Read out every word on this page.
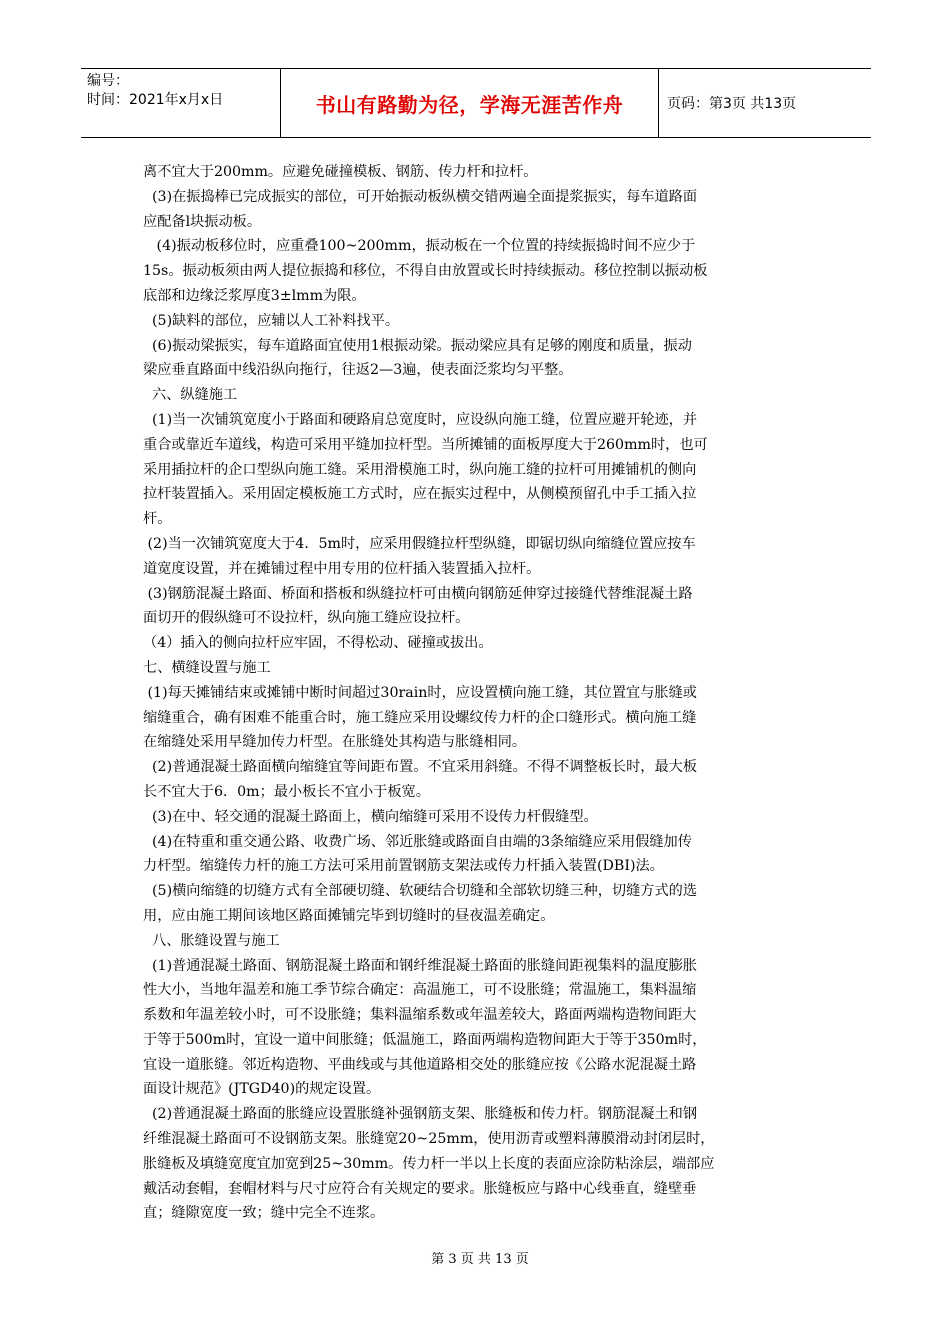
编号：
时间：2021年x月x日	书山有路勤为径，学海无涯苦作舟	页码：第3页 共13页

离不宜大于200mm。应避免碰撞模板、钢筋、传力杆和拉杆。

(3)在振捣棒已完成振实的部位，可开始振动板纵横交错两遍全面提浆振实，每车道路面

应配备l块振动板。

(4)振动板移位时，应重叠100~200mm，振动板在一个位置的持续振捣时间不应少于

15s。振动板须由两人提位振捣和移位，不得自由放置或长时持续振动。移位控制以振动板

底部和边缘泛浆厚度3±lmm为限。

(5)缺料的部位，应辅以人工补料找平。

(6)振动梁振实，每车道路面宜使用1根振动梁。振动梁应具有足够的刚度和质量，振动

梁应垂直路面中线沿纵向拖行，往返2—3遍，使表面泛浆均匀平整。

六、纵缝施工

(1)当一次铺筑宽度小于路面和硬路肩总宽度时，应设纵向施工缝，位置应避开轮迹，并

重合或靠近车道线，构造可采用平缝加拉杆型。当所摊铺的面板厚度大于260mm时，也可

采用插拉杆的企口型纵向施工缝。采用滑模施工时，纵向施工缝的拉杆可用摊铺机的侧向

拉杆装置插入。采用固定模板施工方式时，应在振实过程中，从侧模预留孔中手工插入拉

杆。

(2)当一次铺筑宽度大于4．5m时，应采用假缝拉杆型纵缝，即锯切纵向缩缝位置应按车

道宽度设置，并在摊铺过程中用专用的位杆插入装置插入拉杆。

(3)钢筋混凝土路面、桥面和搭板和纵缝拉杆可由横向钢筋延伸穿过接缝代替维混凝土路

面切开的假纵缝可不设拉杆，纵向施工缝应设拉杆。

（4）插入的侧向拉杆应牢固，不得松动、碰撞或拔出。

七、横缝设置与施工

(1)每天摊铺结束或摊铺中断时间超过30rain时，应设置横向施工缝，其位置宜与胀缝或

缩缝重合，确有困难不能重合时，施工缝应采用设螺纹传力杆的企口缝形式。横向施工缝

在缩缝处采用早缝加传力杆型。在胀缝处其构造与胀缝相同。

(2)普通混凝土路面横向缩缝宜等间距布置。不宜采用斜缝。不得不调整板长时，最大板

长不宜大于6．0m；最小板长不宜小于板宽。

(3)在中、轻交通的混凝土路面上，横向缩缝可采用不设传力杆假缝型。

(4)在特重和重交通公路、收费广场、邻近胀缝或路面自由端的3条缩缝应采用假缝加传

力杆型。缩缝传力杆的施工方法可采用前置钢筋支架法或传力杆插入装置(DBI)法。

(5)横向缩缝的切缝方式有全部硬切缝、软硬结合切缝和全部软切缝三种，切缝方式的选

用，应由施工期间该地区路面摊铺完毕到切缝时的昼夜温差确定。

八、胀缝设置与施工

(1)普通混凝土路面、钢筋混凝土路面和钢纤维混凝土路面的胀缝间距视集料的温度膨胀

性大小，当地年温差和施工季节综合确定：高温施工，可不设胀缝；常温施工，集料温缩

系数和年温差较小时，可不设胀缝；集料温缩系数或年温差较大，路面两端构造物间距大

于等于500m时，宜设一道中间胀缝；低温施工，路面两端构造物间距大于等于350m时，

宜设一道胀缝。邻近构造物、平曲线或与其他道路相交处的胀缝应按《公路水泥混凝土路

面设计规范》(JTGD40)的规定设置。

(2)普通混凝土路面的胀缝应设置胀缝补强钢筋支架、胀缝板和传力杆。钢筋混凝土和钢

纤维混凝土路面可不设钢筋支架。胀缝宽20~25mm，使用沥青或塑料薄膜滑动封闭层时，

胀缝板及填缝宽度宜加宽到25~30mm。传力杆一半以上长度的表面应涂防粘涂层，端部应

戴活动套帽，套帽材料与尺寸应符合有关规定的要求。胀缝板应与路中心线垂直，缝壁垂

直；缝隙宽度一致；缝中完全不连浆。

第 3 页 共 13 页
